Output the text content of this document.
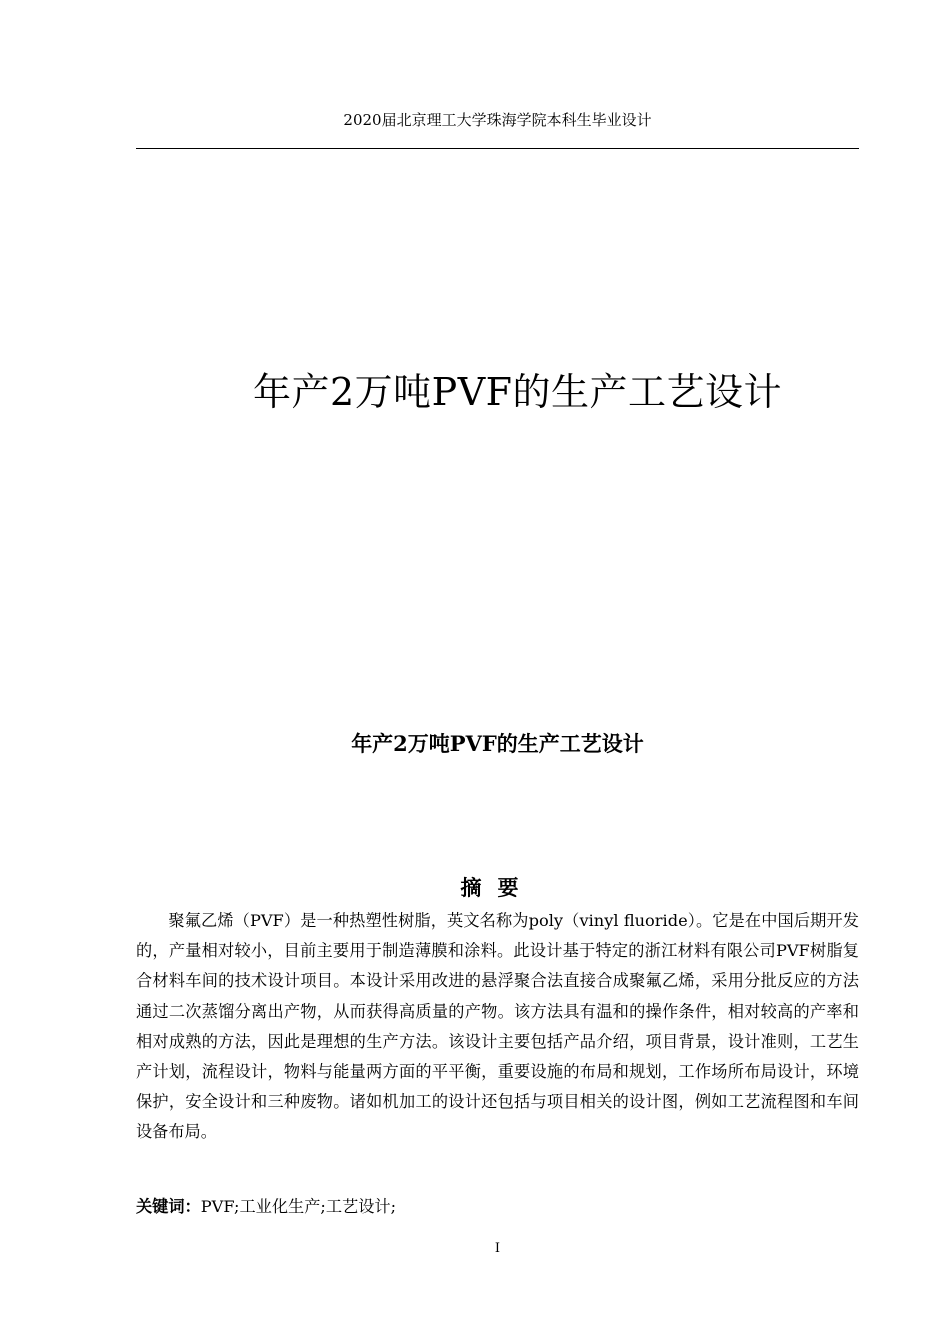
2020届北京理工大学珠海学院本科生毕业设计
年产2万吨PVF的生产工艺设计
年产2万吨PVF的生产工艺设计
摘要

聚氟乙烯（PVF）是一种热塑性树脂，英文名称为poly（vinyl fluoride）。它是在中国后期开发的，产量相对较小，目前主要用于制造薄膜和涂料。此设计基于特定的浙江材料有限公司PVF树脂复合材料车间的技术设计项目。本设计采用改进的悬浮聚合法直接合成聚氟乙烯，采用分批反应的方法通过二次蒸馏分离出产物，从而获得高质量的产物。该方法具有温和的操作条件，相对较高的产率和相对成熟的方法，因此是理想的生产方法。该设计主要包括产品介绍，项目背景，设计准则，工艺生产计划，流程设计，物料与能量两方面的平平衡，重要设施的布局和规划，工作场所布局设计，环境保护，安全设计和三种废物。诸如机加工的设计还包括与项目相关的设计图，例如工艺流程图和车间设备布局。

关键词：PVF;工业化生产;工艺设计;
I
